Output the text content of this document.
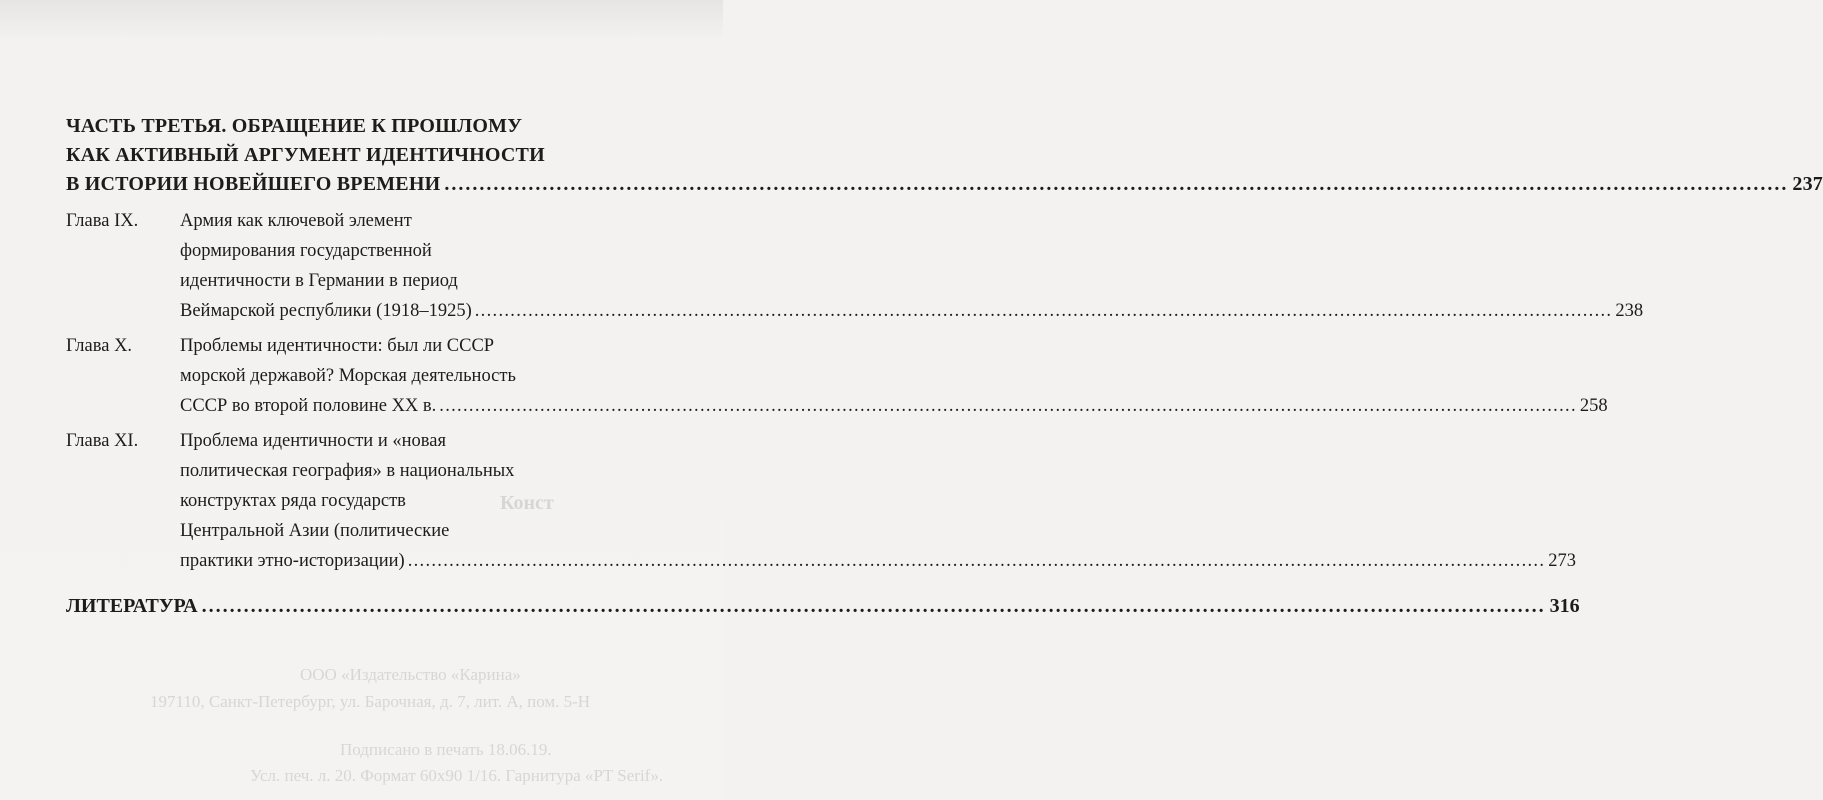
Конст
ООО «Издательство «Карина»
197110, Санкт-Петербург, ул. Барочная, д. 7, лит. А, пом. 5-Н
Подписано в печать 18.06.19.
Усл. печ. л. 20. Формат 60x90 1/16. Гарнитура «PT Serif».
ЧАСТЬ ТРЕТЬЯ. ОБРАЩЕНИЕ К ПРОШЛОМУ
КАК АКТИВНЫЙ АРГУМЕНТ ИДЕНТИЧНОСТИ
В ИСТОРИИ НОВЕЙШЕГО ВРЕМЕНИ .....	237
Глава IX.	Армия как ключевой элемент
формирования государственной
идентичности в Германии в период
Веймарской республики (1918–1925) .....	238
Глава X.	Проблемы идентичности: был ли СССР
морской державой? Морская деятельность
СССР во второй половине XX в. .....	258
Глава XI.	Проблема идентичности и «новая
политическая география» в национальных
конструктах ряда государств
Центральной Азии (политические
практики этно-историзации) .....	273
ЛИТЕРАТУРА .....	316
